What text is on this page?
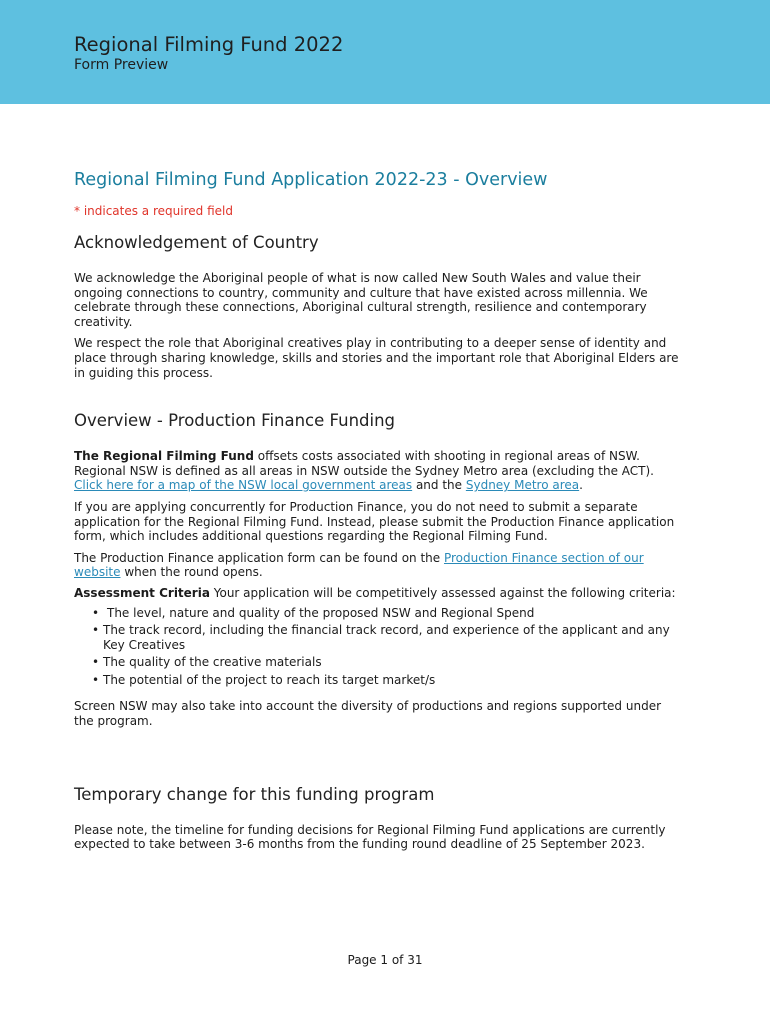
Regional Filming Fund 2022
Form Preview
Regional Filming Fund Application 2022-23 - Overview
* indicates a required field
Acknowledgement of Country

We acknowledge the Aboriginal people of what is now called New South Wales and value their ongoing connections to country, community and culture that have existed across millennia. We celebrate through these connections, Aboriginal cultural strength, resilience and contemporary creativity.

We respect the role that Aboriginal creatives play in contributing to a deeper sense of identity and place through sharing knowledge, skills and stories and the important role that Aboriginal Elders are in guiding this process.

Overview - Production Finance Funding

The Regional Filming Fund offsets costs associated with shooting in regional areas of NSW. Regional NSW is defined as all areas in NSW outside the Sydney Metro area (excluding the ACT). Click here for a map of the NSW local government areas and the Sydney Metro area.

If you are applying concurrently for Production Finance, you do not need to submit a separate application for the Regional Filming Fund. Instead, please submit the Production Finance application form, which includes additional questions regarding the Regional Filming Fund.

The Production Finance application form can be found on the Production Finance section of our website when the round opens.

Assessment Criteria Your application will be competitively assessed against the following criteria:

• The level, nature and quality of the proposed NSW and Regional Spend
• The track record, including the financial track record, and experience of the applicant and any Key Creatives
• The quality of the creative materials
• The potential of the project to reach its target market/s

Screen NSW may also take into account the diversity of productions and regions supported under the program.

Temporary change for this funding program

Please note, the timeline for funding decisions for Regional Filming Fund applications are currently expected to take between 3-6 months from the funding round deadline of 25 September 2023.

Page 1 of 31
